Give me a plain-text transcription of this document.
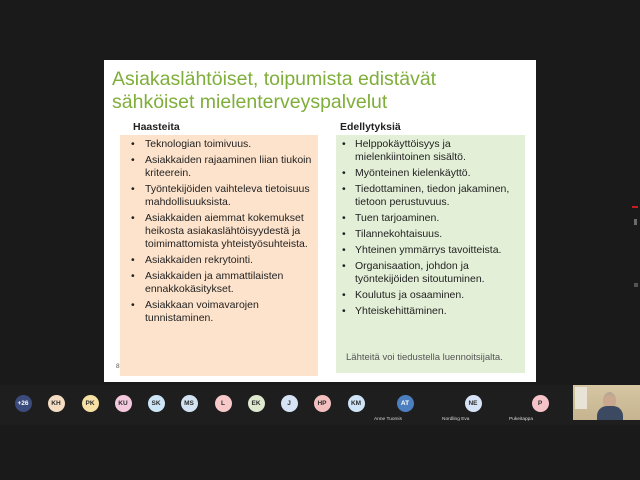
Asiakaslähtöiset, toipumista edistävät
sähköiset mielenterveyspalvelut
Haasteita	Edellytyksiä
• Teknologian toimivuus.
• Asiakkaiden rajaaminen liian tiukoin kriteerein.
• Työntekijöiden vaihteleva tietoisuus mahdollisuuksista.
• Asiakkaiden aiemmat kokemukset heikosta asiakaslähtöisyydestä ja toimimattomista yhteistyösuhteista.
• Asiakkaiden rekrytointi.
• Asiakkaiden ja ammattilaisten ennakkokäsitykset.
• Asiakkaan voimavarojen tunnistaminen.
• Helppokäyttöisyys ja mielenkiintoinen sisältö.
• Myönteinen kielenkäyttö.
• Tiedottaminen, tiedon jakaminen, tietoon perustuvuus.
• Tuen tarjoaminen.
• Tilannekohtaisuus.
• Yhteinen ymmärrys tavoitteista.
• Organisaation, johdon ja työntekijöiden sitoutuminen.
• Koulutus ja osaaminen.
• Yhteiskehittäminen.
Lähteitä voi tiedustella luennoitsijalta.
8
+26	KH	PK	KU	SK	MS	L	EK	J	HP	KM	AT
Anne Tuomis
NE
Nordling Eva
P
Pukeitappa
